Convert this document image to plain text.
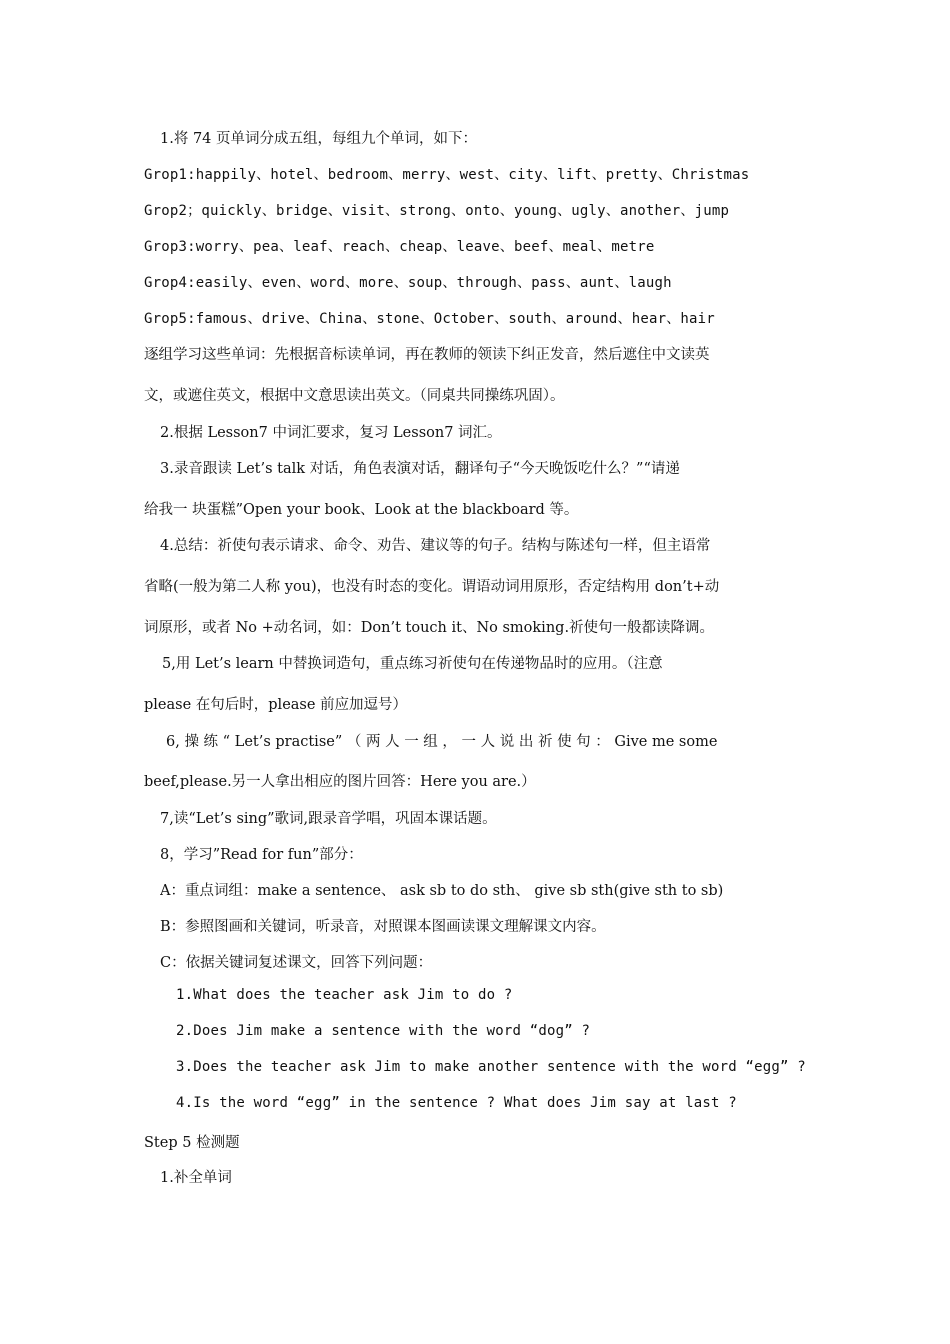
1.将 74 页单词分成五组，每组九个单词，如下：
Grop1:happily、hotel、bedroom、merry、west、city、lift、pretty、Christmas
Grop2；quickly、bridge、visit、strong、onto、young、ugly、another、jump
Grop3:worry、pea、leaf、reach、cheap、leave、beef、meal、metre
Grop4:easily、even、word、more、soup、through、pass、aunt、laugh
Grop5:famous、drive、China、stone、October、south、around、hear、hair
逐组学习这些单词：先根据音标读单词，再在教师的领读下纠正发音，然后遮住中文读英
文，或遮住英文，根据中文意思读出英文。（同桌共同操练巩固）。
2.根据 Lesson7 中词汇要求，复习 Lesson7 词汇。
3.录音跟读 Let’s talk 对话，角色表演对话，翻译句子“今天晚饭吃什么？”“请递
给我一 块蛋糕”Open your book、Look at the blackboard 等。
4.总结：祈使句表示请求、命令、劝告、建议等的句子。结构与陈述句一样，但主语常
省略(一般为第二人称 you)，也没有时态的变化。谓语动词用原形，否定结构用 don’t+动
词原形，或者 No +动名词，如：Don’t touch it、No smoking.祈使句一般都读降调。
5,用 Let’s learn 中替换词造句，重点练习祈使句在传递物品时的应用。（注意
please 在句后时，please 前应加逗号）
6, 操 练 “ Let’s practise” （ 两 人 一 组 ， 一 人 说 出 祈 使 句 ： Give me some
beef,please.另一人拿出相应的图片回答：Here you are.）
7,读“Let’s sing”歌词,跟录音学唱，巩固本课话题。
8，学习”Read for fun”部分：
A：重点词组：make a sentence、 ask sb to do sth、 give sb sth(give sth to sb)
B：参照图画和关键词，听录音，对照课本图画读课文理解课文内容。
C：依据关键词复述课文，回答下列问题：
1.What does the teacher ask Jim to do ?
2.Does Jim make a sentence with the word “dog” ?
3.Does the teacher ask Jim to make another sentence with the word “egg” ?
4.Is the word “egg” in the sentence ? What does Jim say at last ?
Step 5 检测题
1.补全单词
